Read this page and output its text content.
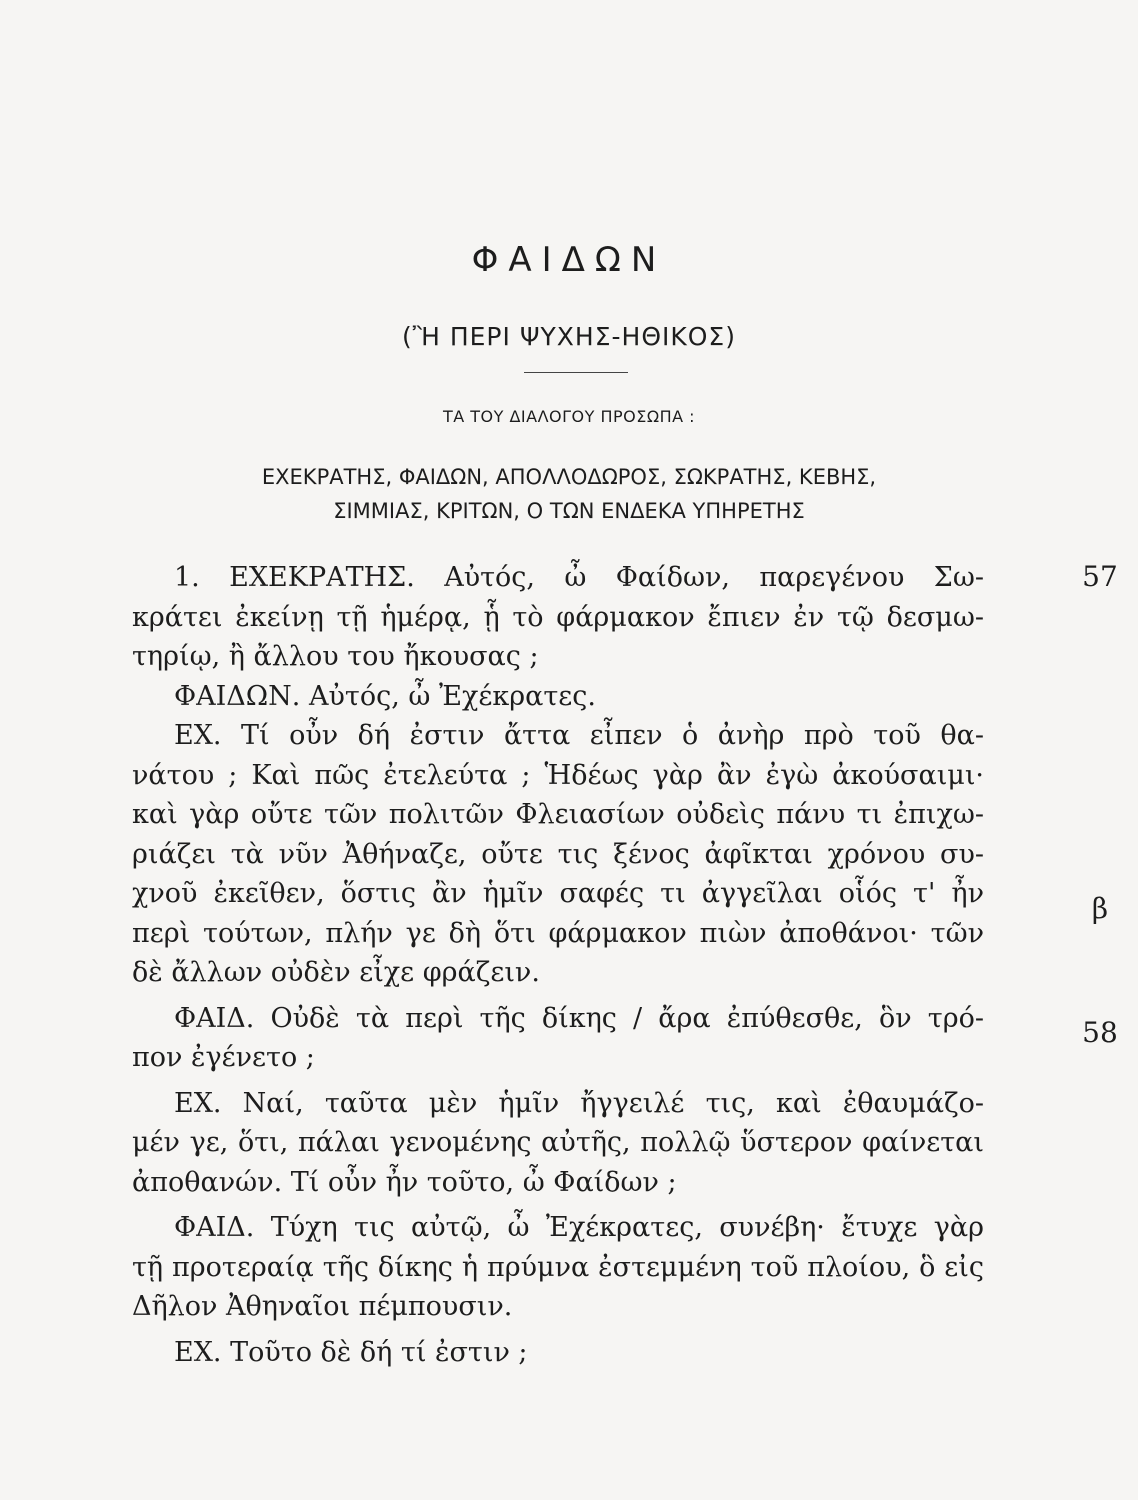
ΦΑΙΔΩΝ
(Ἢ ΠΕΡΙ ΨΥΧΗΣ-ΗΘΙΚΟΣ)
ΤΑ ΤΟΥ ΔΙΑΛΟΓΟΥ ΠΡΟΣΩΠΑ :
ΕΧΕΚΡΑΤΗΣ, ΦΑΙΔΩΝ, ΑΠΟΛΛΟΔΩΡΟΣ, ΣΩΚΡΑΤΗΣ, ΚΕΒΗΣ,
ΣΙΜΜΙΑΣ, ΚΡΙΤΩΝ, Ο ΤΩΝ ΕΝΔΕΚΑ ΥΠΗΡΕΤΗΣ
1. ΕΧΕΚΡΑΤΗΣ. Αὐτός, ὦ Φαίδων, παρεγένου Σω-
κράτει ἐκείνῃ τῇ ἡμέρᾳ, ᾗ τὸ φάρμακον ἔπιεν ἐν τῷ δεσμω-
τηρίῳ, ἢ ἄλλου του ἤκουσας ;
ΦΑΙΔΩΝ. Αὐτός, ὦ Ἐχέκρατες.
ΕΧ. Τί οὖν δή ἐστιν ἄττα εἶπεν ὁ ἀνὴρ πρὸ τοῦ θα-
νάτου ; Καὶ πῶς ἐτελεύτα ; Ἡδέως γὰρ ἂν ἐγὼ ἀκούσαιμι·
καὶ γὰρ οὔτε τῶν πολιτῶν Φλειασίων οὐδεὶς πάνυ τι ἐπιχω-
ριάζει τὰ νῦν Ἀθήναζε, οὔτε τις ξένος ἀφῖκται χρόνου συ-
χνοῦ ἐκεῖθεν, ὅστις ἂν ἡμῖν σαφές τι ἀγγεῖλαι οἷός τ' ἦν
περὶ τούτων, πλήν γε δὴ ὅτι φάρμακον πιὼν ἀποθάνοι· τῶν
δὲ ἄλλων οὐδὲν εἶχε φράζειν.
ΦΑΙΔ. Οὐδὲ τὰ περὶ τῆς δίκης / ἄρα ἐπύθεσθε, ὃν τρό-
πον ἐγένετο ;
ΕΧ. Ναί, ταῦτα μὲν ἡμῖν ἤγγειλέ τις, καὶ ἐθαυμάζο-
μέν γε, ὅτι, πάλαι γενομένης αὐτῆς, πολλῷ ὕστερον φαίνεται
ἀποθανών. Τί οὖν ἦν τοῦτο, ὦ Φαίδων ;
ΦΑΙΔ. Τύχη τις αὐτῷ, ὦ Ἐχέκρατες, συνέβη· ἔτυχε γὰρ
τῇ προτεραίᾳ τῆς δίκης ἡ πρύμνα ἐστεμμένη τοῦ πλοίου, ὃ εἰς
Δῆλον Ἀθηναῖοι πέμπουσιν.
ΕΧ. Τοῦτο δὲ δή τί ἐστιν ;
57
β
58
